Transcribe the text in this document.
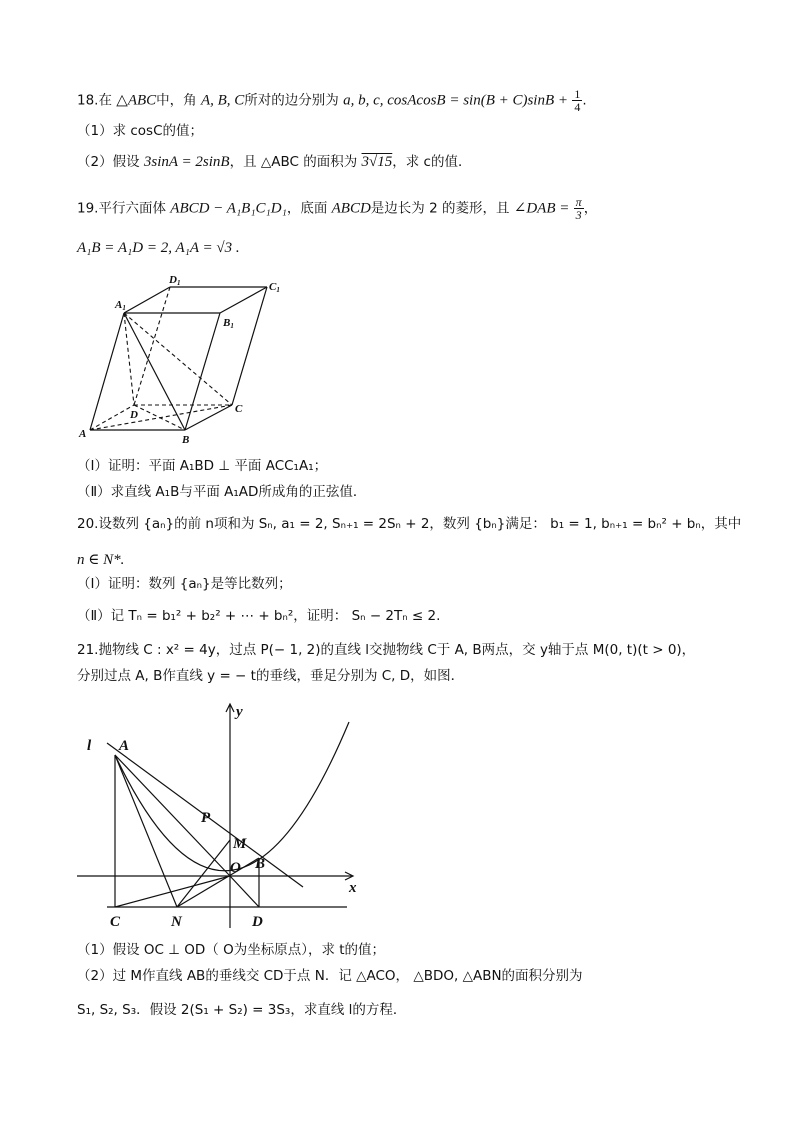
18.在 △ABC中，角 A, B, C所对的边分别为 a, b, c, cosAcosB = $\sin(B + C)\sin B + \frac{1}{4}$ .
（1）求 cosC的值；
（2）假设 3sinA = 2sinB，且 △ABC 的面积为 3√15，求 c的值．
19.平行六面体 ABCD − A₁B₁C₁D₁，底面 ABCD是边长为 2 的菱形，且 ∠DAB = $\frac{\pi}{3}$ ，
A₁B = A₁D = 2, A₁A = √3 .
A1
D1	C1
B1
A	B
C
D
（Ⅰ）证明：平面 A₁BD ⊥ 平面 ACC₁A₁；
（Ⅱ）求直线 A₁B与平面 A₁AD所成角的正弦值．
20.设数列 {aₙ}的前 n项和为 Sₙ, a₁ = 2, Sₙ₊₁ = 2Sₙ + 2，数列 {bₙ}满足： b₁ = 1, bₙ₊₁ = bₙ² + bₙ，其中
n ∈ N*.
（Ⅰ）证明：数列 {aₙ}是等比数列；
（Ⅱ）记 Tₙ = b₁² + b₂² + ⋯ + bₙ²，证明： Sₙ − 2Tₙ ≤ 2.
21.抛物线 C : x² = 4y，过点 P(− 1, 2)的直线 l交抛物线 C于 A, B两点，交 y轴于点 M(0, t)(t > 0)，
分别过点 A, B作直线 y = − t的垂线，垂足分别为 C, D，如图．
l A
y
P
M
O B
x
C	N	D
（1）假设 OC ⊥ OD（ O为坐标原点），求 t的值；
（2）过 M作直线 AB的垂线交 CD于点 N．记 △ACO， △BDO, △ABN的面积分别为
S₁, S₂, S₃．假设 2(S₁ + S₂) = 3S₃，求直线 l的方程．
